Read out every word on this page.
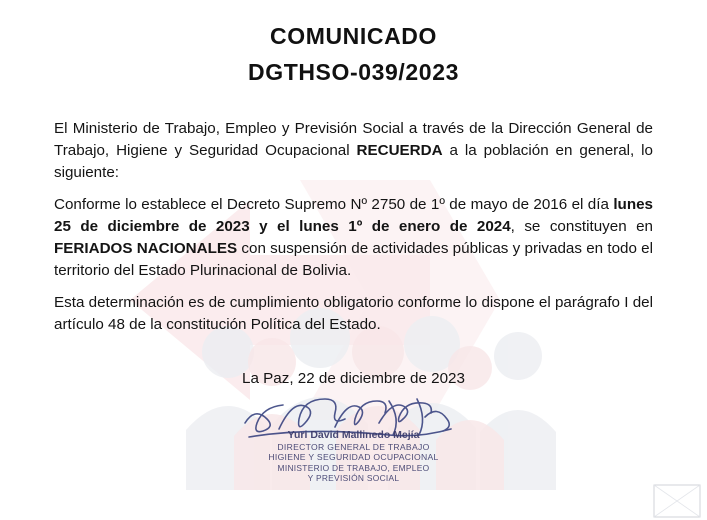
COMUNICADO
DGTHSO-039/2023

El Ministerio de Trabajo, Empleo y Previsión Social a través de la Dirección General de Trabajo, Higiene y Seguridad Ocupacional RECUERDA a la población en general, lo siguiente:

Conforme lo establece el Decreto Supremo Nº 2750 de 1º de mayo de 2016 el día lunes 25 de diciembre de 2023 y el lunes 1º de enero de 2024, se constituyen en FERIADOS NACIONALES con suspensión de actividades públicas y privadas en todo el territorio del Estado Plurinacional de Bolivia.

Esta determinación es de cumplimiento obligatorio conforme lo dispone el parágrafo I del artículo 48 de la constitución Política del Estado.

La Paz, 22 de diciembre de 2023
Yuri David Mallinedo Mejía
DIRECTOR GENERAL DE TRABAJO
HIGIENE Y SEGURIDAD OCUPACIONAL
MINISTERIO DE TRABAJO, EMPLEO
Y PREVISIÓN SOCIAL
